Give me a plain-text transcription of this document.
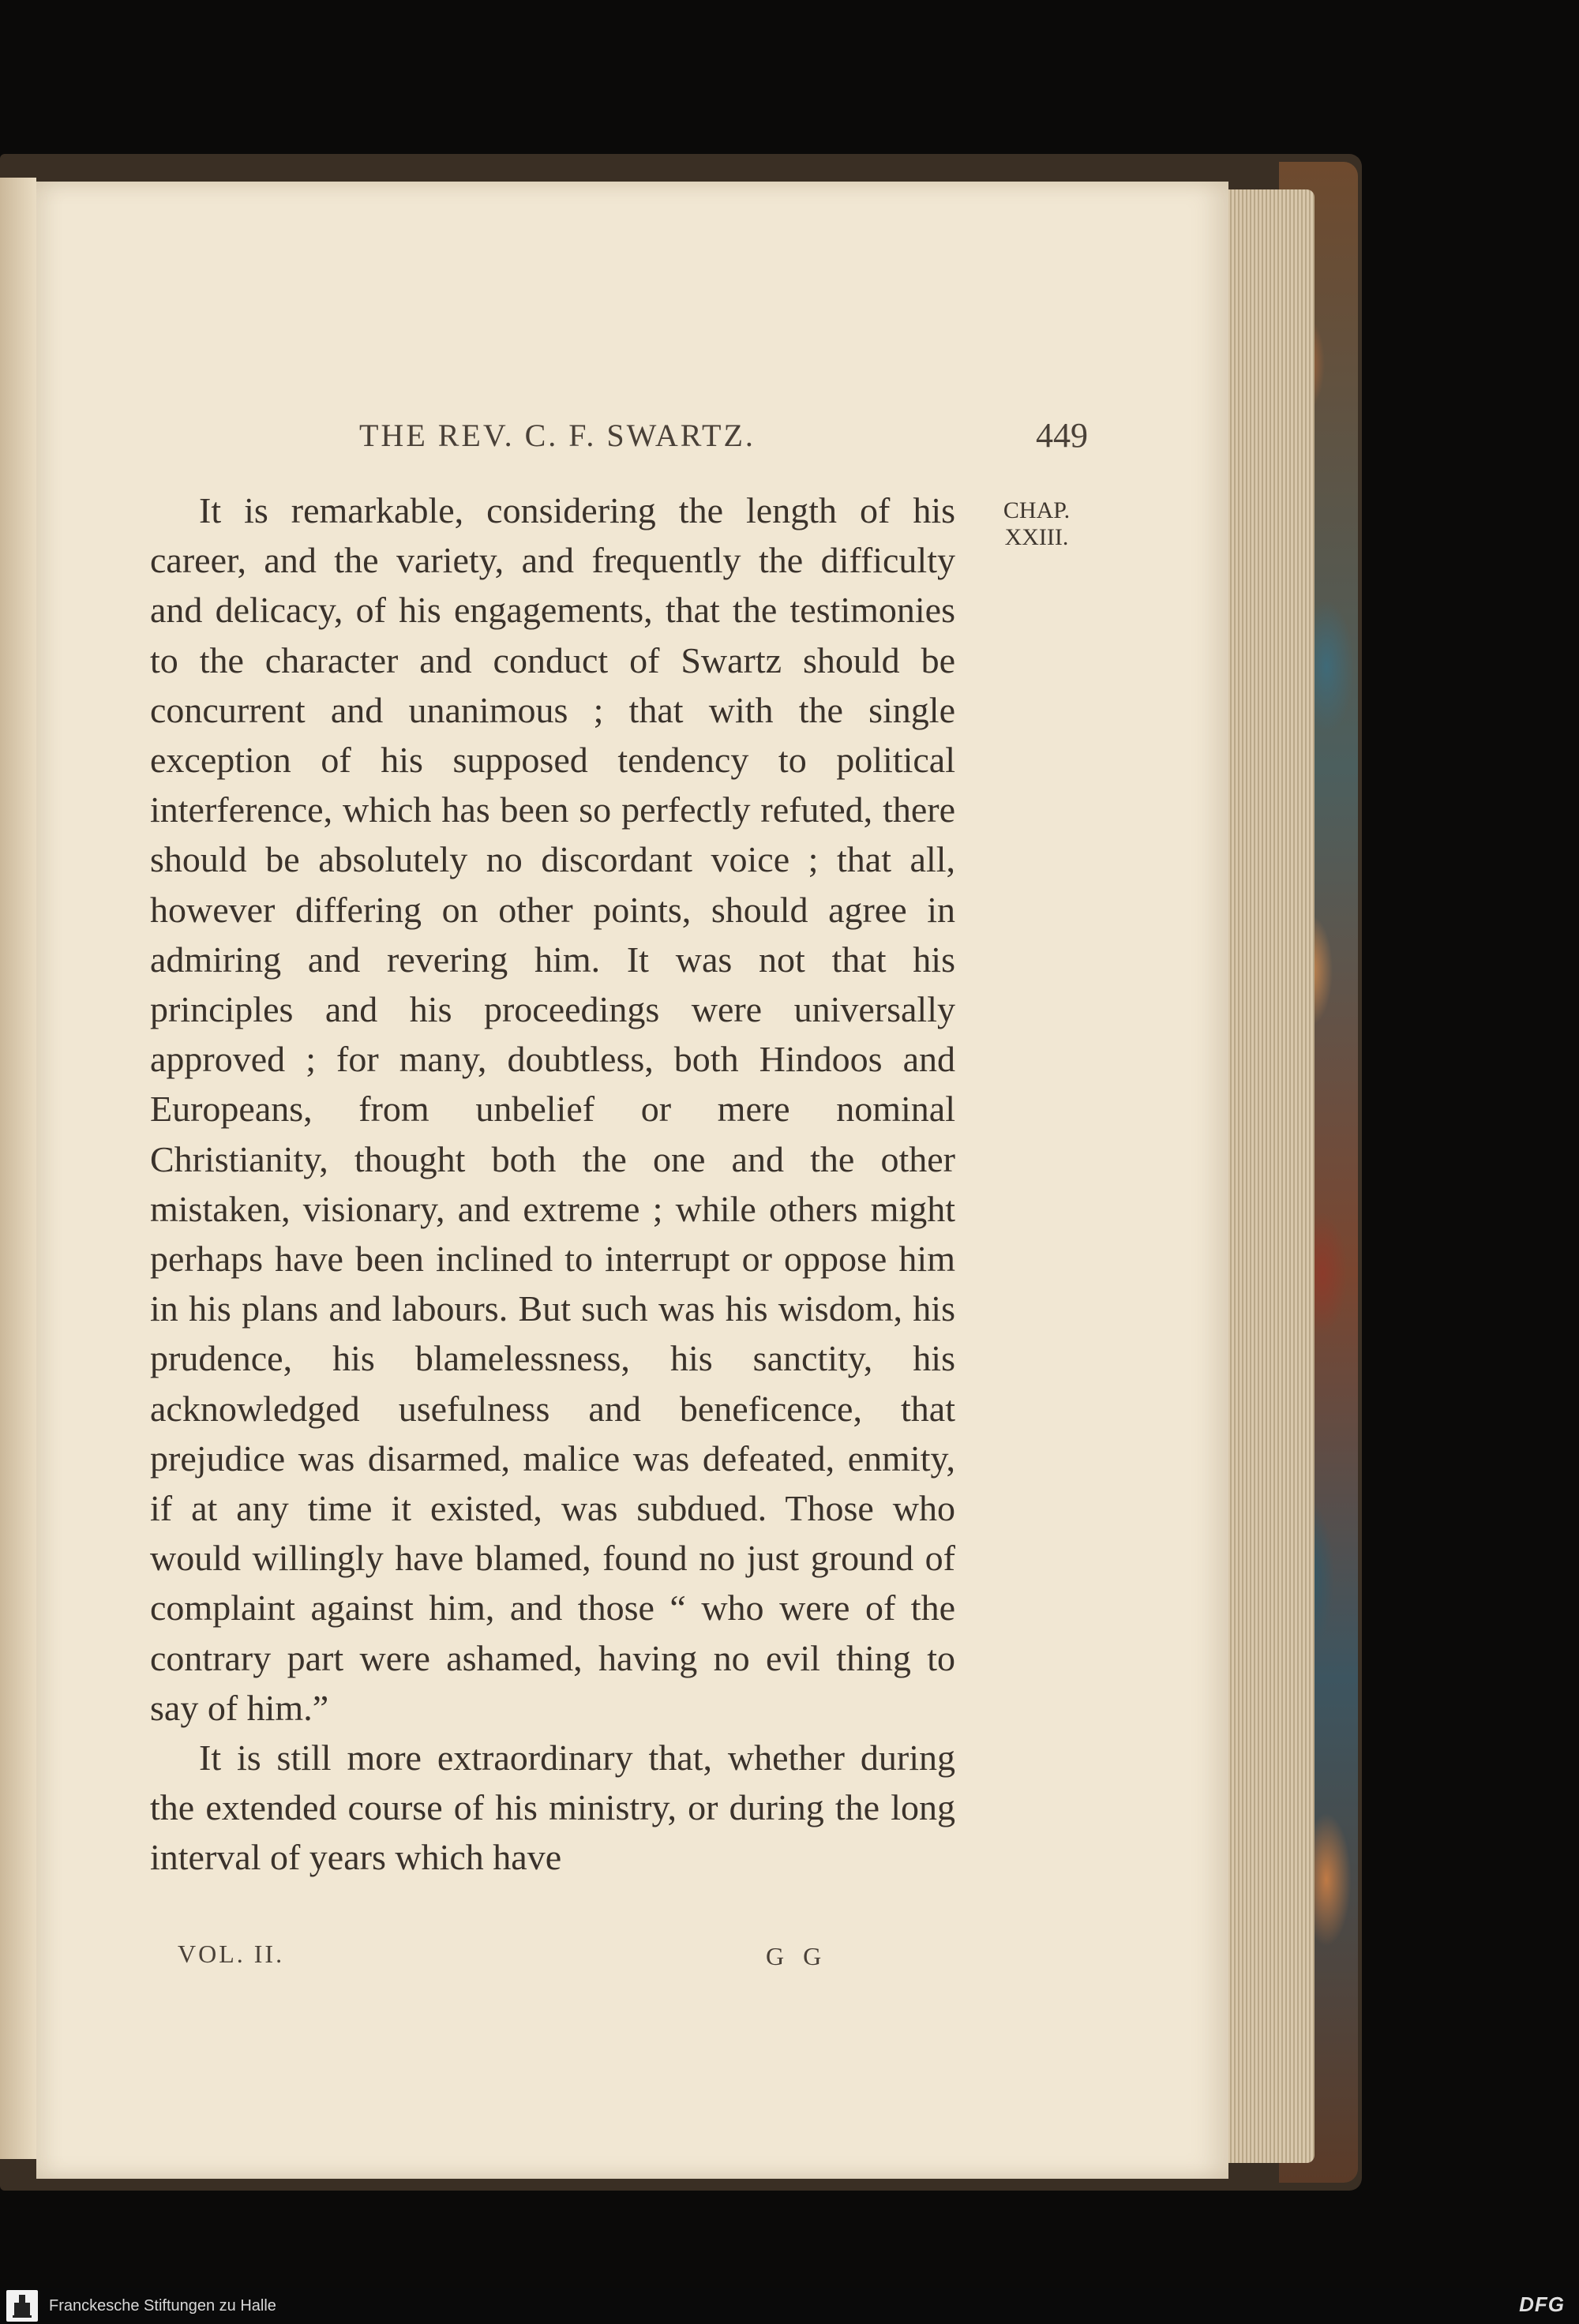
THE REV. C. F. SWARTZ.	449
CHAP.
XXIII.

It is remarkable, considering the length of his career, and the variety, and frequently the difficulty and delicacy, of his engagements, that the testimonies to the character and conduct of Swartz should be concurrent and unanimous ; that with the single exception of his supposed tendency to political interference, which has been so perfectly refuted, there should be absolutely no discordant voice ; that all, however differing on other points, should agree in admiring and revering him. It was not that his principles and his proceedings were universally approved ; for many, doubtless, both Hindoos and Europeans, from unbelief or mere nominal Christianity, thought both the one and the other mistaken, visionary, and extreme ; while others might perhaps have been inclined to interrupt or oppose him in his plans and labours. But such was his wisdom, his prudence, his blamelessness, his sanctity, his acknowledged usefulness and beneficence, that prejudice was disarmed, malice was defeated, enmity, if at any time it existed, was subdued. Those who would willingly have blamed, found no just ground of complaint against him, and those “ who were of the contrary part were ashamed, having no evil thing to say of him.”

It is still more extraordinary that, whether during the extended course of his ministry, or during the long interval of years which have

VOL. II.	G G
Franckesche Stiftungen zu Halle	DFG
